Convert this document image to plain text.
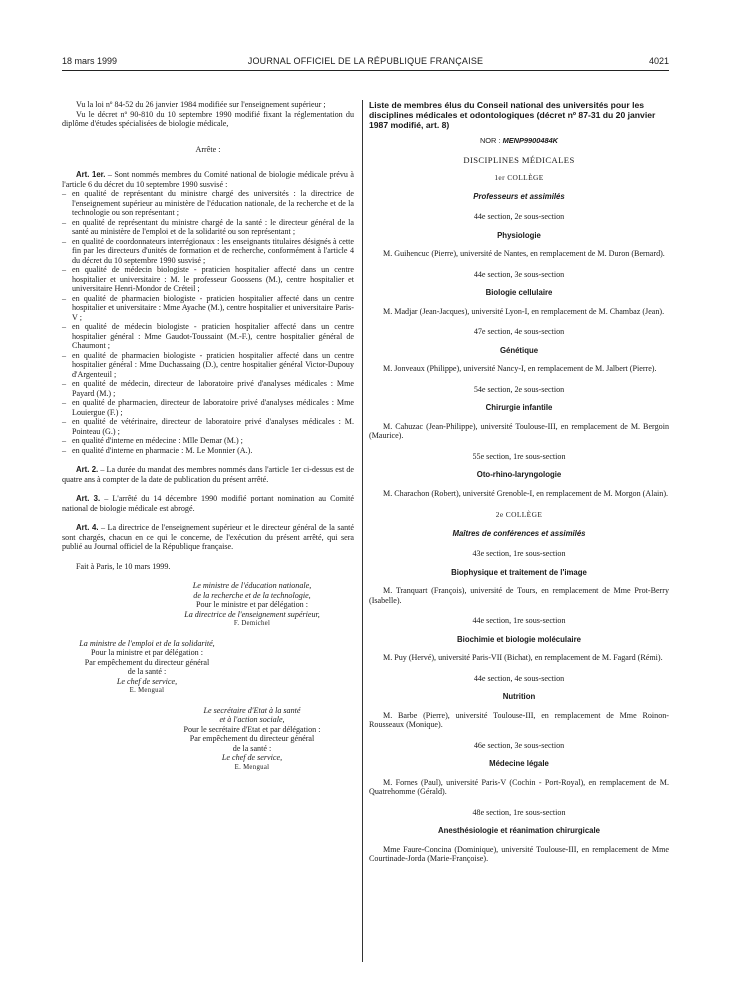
18 mars 1999	JOURNAL OFFICIEL DE LA RÉPUBLIQUE FRANÇAISE	4021

Vu la loi nº 84-52 du 26 janvier 1984 modifiée sur l'enseignement supérieur ;

Vu le décret nº 90-810 du 10 septembre 1990 modifié fixant la réglementation du diplôme d'études spécialisées de biologie médicale,

Arrête :

Art. 1er. – Sont nommés membres du Comité national de biologie médicale prévu à l'article 6 du décret du 10 septembre 1990 susvisé :

– en qualité de représentant du ministre chargé des universités : la directrice de l'enseignement supérieur au ministère de l'éducation nationale, de la recherche et de la technologie ou son représentant ;
– en qualité de représentant du ministre chargé de la santé : le directeur général de la santé au ministère de l'emploi et de la solidarité ou son représentant ;
– en qualité de coordonnateurs interrégionaux : les enseignants titulaires désignés à cette fin par les directeurs d'unités de formation et de recherche, conformément à l'article 4 du décret du 10 septembre 1990 susvisé ;
– en qualité de médecin biologiste - praticien hospitalier affecté dans un centre hospitalier et universitaire : M. le professeur Goossens (M.), centre hospitalier et universitaire Henri-Mondor de Créteil ;
– en qualité de pharmacien biologiste - praticien hospitalier affecté dans un centre hospitalier et universitaire : Mme Ayache (M.), centre hospitalier et universitaire Paris-V ;
– en qualité de médecin biologiste - praticien hospitalier affecté dans un centre hospitalier général : Mme Gaudot-Toussaint (M.-F.), centre hospitalier général de Chaumont ;
– en qualité de pharmacien biologiste - praticien hospitalier affecté dans un centre hospitalier général : Mme Duchassaing (D.), centre hospitalier général Victor-Dupouy d'Argenteuil ;
– en qualité de médecin, directeur de laboratoire privé d'analyses médicales : Mme Payard (M.) ;
– en qualité de pharmacien, directeur de laboratoire privé d'analyses médicales : Mme Louiergue (F.) ;
– en qualité de vétérinaire, directeur de laboratoire privé d'analyses médicales : M. Pointeau (G.) ;
– en qualité d'interne en médecine : Mlle Demar (M.) ;
– en qualité d'interne en pharmacie : M. Le Monnier (A.).

Art. 2. – La durée du mandat des membres nommés dans l'article 1er ci-dessus est de quatre ans à compter de la date de publication du présent arrêté.

Art. 3. – L'arrêté du 14 décembre 1990 modifié portant nomination au Comité national de biologie médicale est abrogé.

Art. 4. – La directrice de l'enseignement supérieur et le directeur général de la santé sont chargés, chacun en ce qui le concerne, de l'exécution du présent arrêté, qui sera publié au Journal officiel de la République française.

Fait à Paris, le 10 mars 1999.

Le ministre de l'éducation nationale,
de la recherche et de la technologie,
Pour le ministre et par délégation :
La directrice de l'enseignement supérieur,
F. Demichel
La ministre de l'emploi et de la solidarité,
Pour la ministre et par délégation :
Par empêchement du directeur général
de la santé :
Le chef de service,
E. Mengual
Le secrétaire d'Etat à la santé
et à l'action sociale,
Pour le secrétaire d'Etat et par délégation :
Par empêchement du directeur général
de la santé :
Le chef de service,
E. Mengual

Liste de membres élus du Conseil national des universités pour les disciplines médicales et odontologiques (décret nº 87-31 du 20 janvier 1987 modifié, art. 8)

NOR : MENP9900484K

DISCIPLINES MÉDICALES

1er COLLÈGE

Professeurs et assimilés

44e section, 2e sous-section

Physiologie

M. Guihencuc (Pierre), université de Nantes, en remplacement de M. Duron (Bernard).

44e section, 3e sous-section

Biologie cellulaire

M. Madjar (Jean-Jacques), université Lyon-I, en remplacement de M. Chambaz (Jean).

47e section, 4e sous-section

Génétique

M. Jonveaux (Philippe), université Nancy-I, en remplacement de M. Jalbert (Pierre).

54e section, 2e sous-section

Chirurgie infantile

M. Cahuzac (Jean-Philippe), université Toulouse-III, en remplacement de M. Bergoin (Maurice).

55e section, 1re sous-section

Oto-rhino-laryngologie

M. Charachon (Robert), université Grenoble-I, en remplacement de M. Morgon (Alain).

2e COLLÈGE

Maîtres de conférences et assimilés

43e section, 1re sous-section

Biophysique et traitement de l'image

M. Tranquart (François), université de Tours, en remplacement de Mme Prot-Berry (Isabelle).

44e section, 1re sous-section

Biochimie et biologie moléculaire

M. Puy (Hervé), université Paris-VII (Bichat), en remplacement de M. Fagard (Rémi).

44e section, 4e sous-section

Nutrition

M. Barbe (Pierre), université Toulouse-III, en remplacement de Mme Roinon-Rousseaux (Monique).

46e section, 3e sous-section

Médecine légale

M. Fornes (Paul), université Paris-V (Cochin - Port-Royal), en remplacement de M. Quatrehomme (Gérald).

48e section, 1re sous-section

Anesthésiologie et réanimation chirurgicale

Mme Faure-Concina (Dominique), université Toulouse-III, en remplacement de Mme Courtinade-Jorda (Marie-Françoise).
